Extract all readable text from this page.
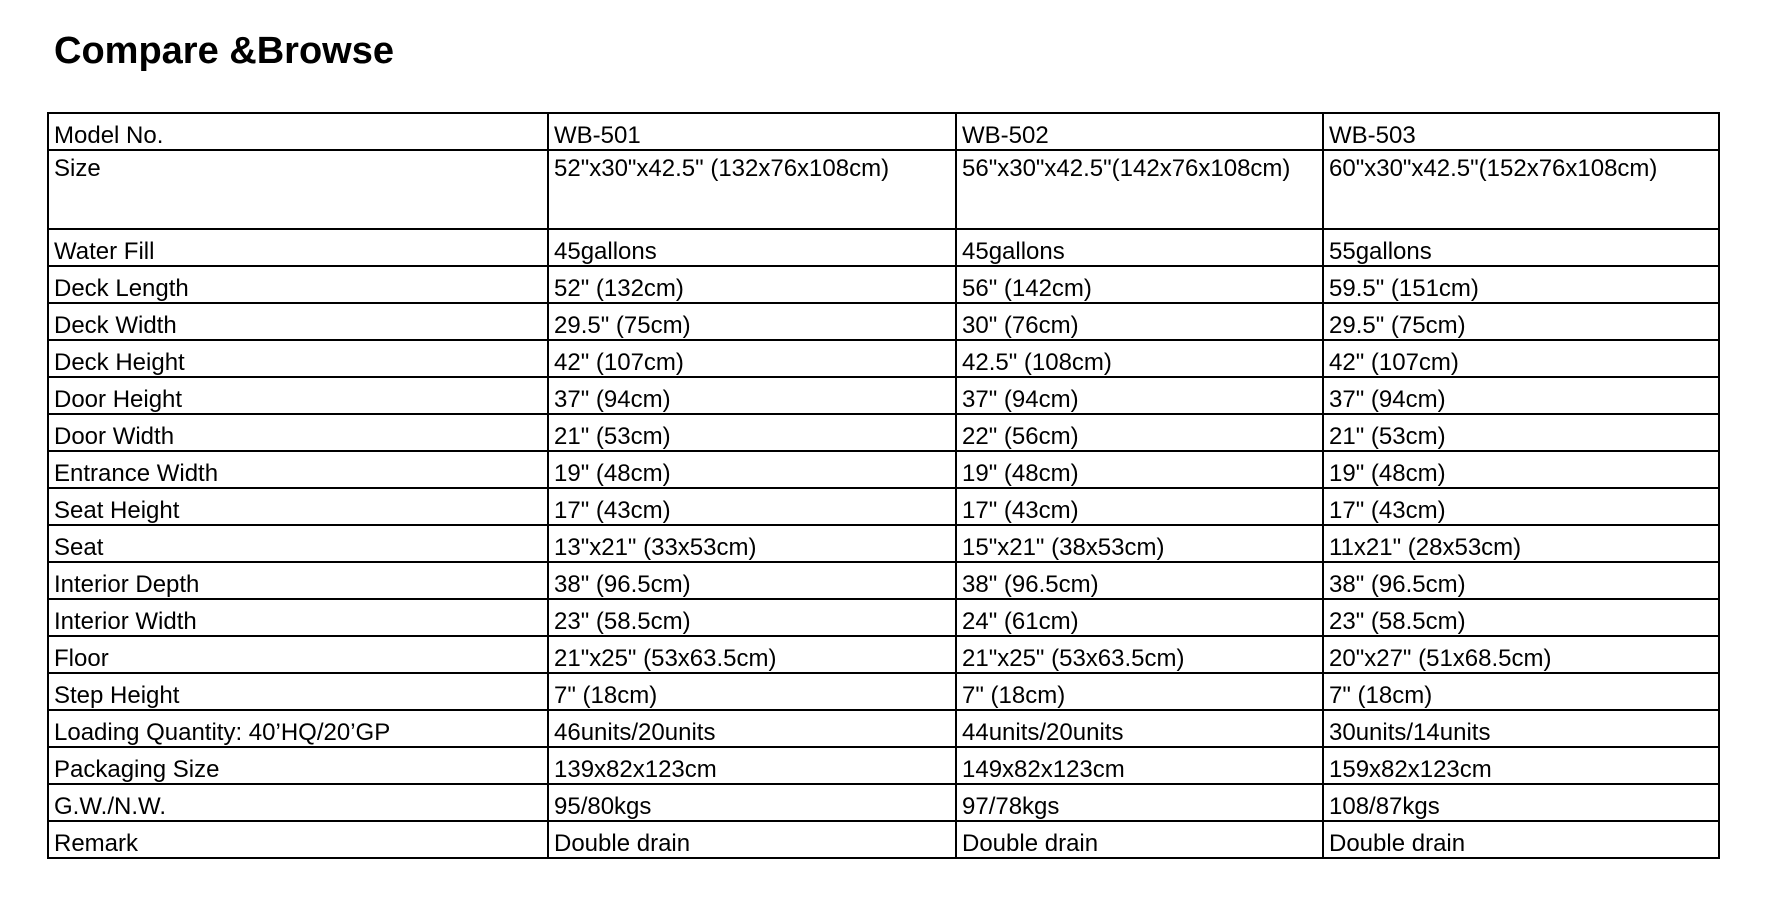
Compare &Browse
Model No.	WB-501	WB-502	WB-503
Size	52"x30"x42.5" (132x76x108cm)	56"x30"x42.5"(142x76x108cm)	60"x30"x42.5"(152x76x108cm)
Water Fill	45gallons	45gallons	55gallons
Deck Length	52" (132cm)	56" (142cm)	59.5" (151cm)
Deck Width	29.5" (75cm)	30" (76cm)	29.5" (75cm)
Deck Height	42" (107cm)	42.5" (108cm)	42" (107cm)
Door Height	37" (94cm)	37" (94cm)	37" (94cm)
Door Width	21" (53cm)	22" (56cm)	21" (53cm)
Entrance Width	19" (48cm)	19" (48cm)	19" (48cm)
Seat Height	17" (43cm)	17" (43cm)	17" (43cm)
Seat	13"x21" (33x53cm)	15"x21" (38x53cm)	11x21" (28x53cm)
Interior Depth	38" (96.5cm)	38" (96.5cm)	38" (96.5cm)
Interior Width	23" (58.5cm)	24" (61cm)	23" (58.5cm)
Floor	21"x25" (53x63.5cm)	21"x25" (53x63.5cm)	20"x27" (51x68.5cm)
Step Height	7" (18cm)	7" (18cm)	7" (18cm)
Loading Quantity: 40’HQ/20’GP	46units/20units	44units/20units	30units/14units
Packaging Size	139x82x123cm	149x82x123cm	159x82x123cm
G.W./N.W.	95/80kgs	97/78kgs	108/87kgs
Remark	Double drain	Double drain	Double drain
